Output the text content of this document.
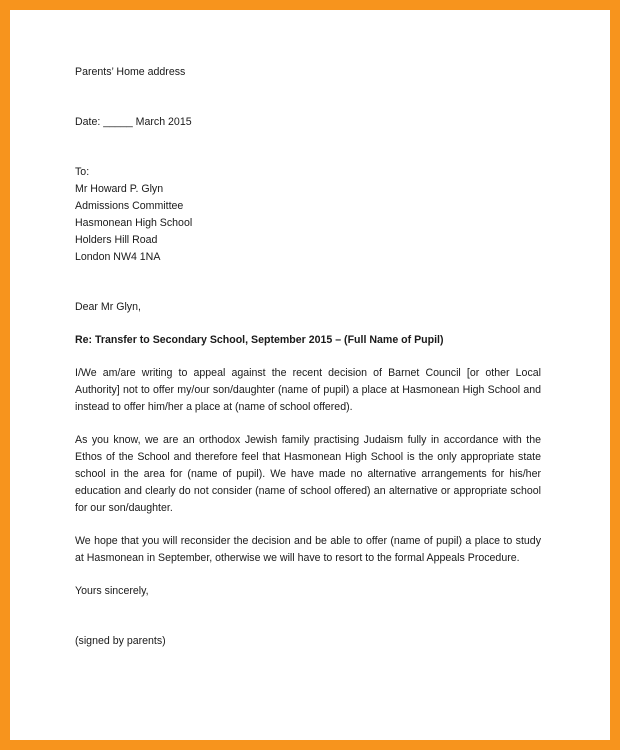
Parents’ Home address
Date: _____ March 2015
To:
Mr Howard P. Glyn
Admissions Committee
Hasmonean High School
Holders Hill Road
London NW4 1NA
Dear Mr Glyn,
Re: Transfer to Secondary School, September 2015 – (Full Name of Pupil)
I/We am/are writing to appeal against the recent decision of Barnet Council [or other Local Authority] not to offer my/our son/daughter (name of pupil) a place at Hasmonean High School and instead to offer him/her a place at (name of school offered).
As you know, we are an orthodox Jewish family practising Judaism fully in accordance with the Ethos of the School and therefore feel that Hasmonean High School is the only appropriate state school in the area for (name of pupil). We have made no alternative arrangements for his/her education and clearly do not consider (name of school offered) an alternative or appropriate school for our son/daughter.
We hope that you will reconsider the decision and be able to offer (name of pupil) a place to study at Hasmonean in September, otherwise we will have to resort to the formal Appeals Procedure.
Yours sincerely,
(signed by parents)
